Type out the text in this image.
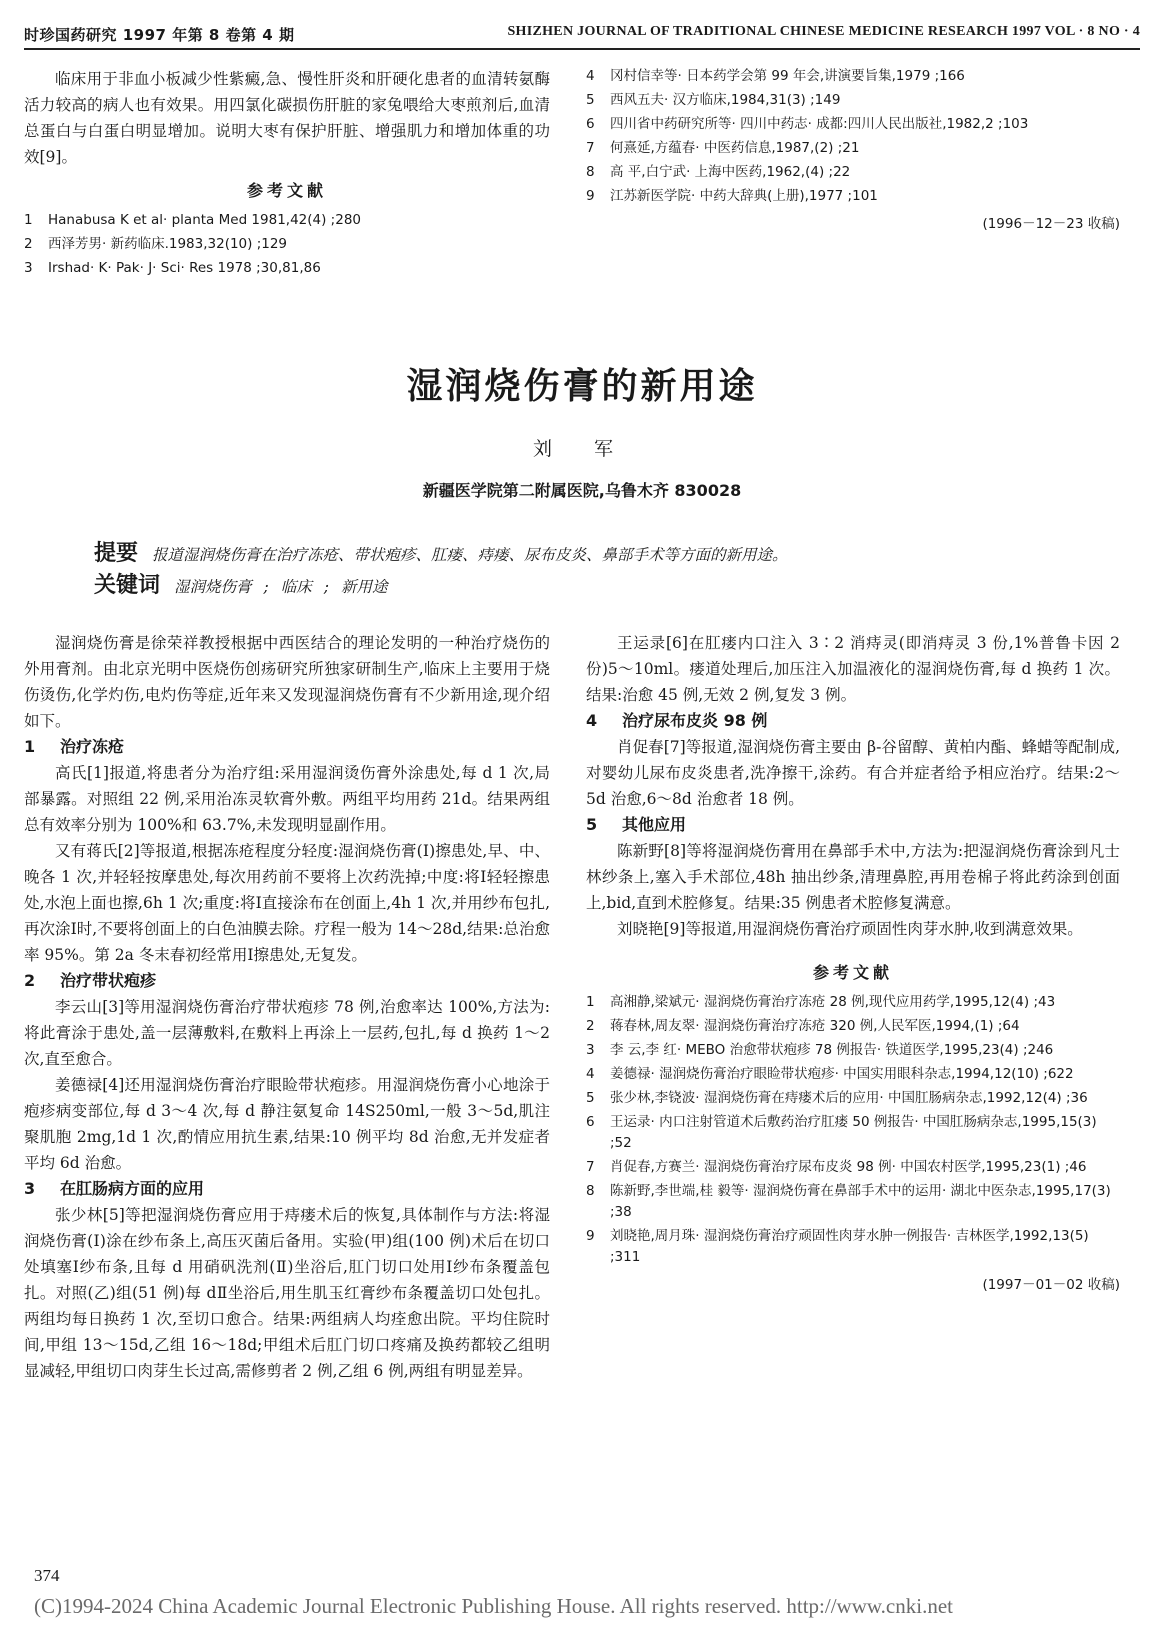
时珍国药研究 1997 年第 8 卷第 4 期	SHIZHEN JOURNAL OF TRADITIONAL CHINESE MEDICINE RESEARCH 1997 VOL · 8 NO · 4

临床用于非血小板减少性紫癜,急、慢性肝炎和肝硬化患者的血清转氨酶活力较高的病人也有效果。用四氯化碳损伤肝脏的家兔喂给大枣煎剂后,血清总蛋白与白蛋白明显增加。说明大枣有保护肝脏、增强肌力和增加体重的功效[9]。

参考文献
1	Hanabusa K et al· planta Med 1981,42(4) ;280
2	西泽芳男· 新药临床.1983,32(10) ;129
3	Irshad· K· Pak· J· Sci· Res 1978 ;30,81,86
4	冈村信幸等· 日本药学会第 99 年会,讲演要旨集,1979 ;166
5	西风五夫· 汉方临床,1984,31(3) ;149
6	四川省中药研究所等· 四川中药志· 成都:四川人民出版社,1982,2 ;103
7	何熹延,方蕴春· 中医药信息,1987,(2) ;21
8	高 平,白宁武· 上海中医药,1962,(4) ;22
9	江苏新医学院· 中药大辞典(上册),1977 ;101
(1996－12－23 收稿)
湿润烧伤膏的新用途
刘 军
新疆医学院第二附属医院,乌鲁木齐 830028
提要 报道湿润烧伤膏在治疗冻疮、带状疱疹、肛瘘、痔瘘、尿布皮炎、鼻部手术等方面的新用途。
关键词 湿润烧伤膏 ; 临床 ; 新用途

湿润烧伤膏是徐荣祥教授根据中西医结合的理论发明的一种治疗烧伤的外用膏剂。由北京光明中医烧伤创疡研究所独家研制生产,临床上主要用于烧伤烫伤,化学灼伤,电灼伤等症,近年来又发现湿润烧伤膏有不少新用途,现介绍如下。

1	治疗冻疮

高氏[1]报道,将患者分为治疗组:采用湿润烫伤膏外涂患处,每 d 1 次,局部暴露。对照组 22 例,采用治冻灵软膏外敷。两组平均用药 21d。结果两组总有效率分别为 100%和 63.7%,未发现明显副作用。

又有蒋氏[2]等报道,根据冻疮程度分轻度:湿润烧伤膏(Ⅰ)擦患处,早、中、晚各 1 次,并轻轻按摩患处,每次用药前不要将上次药洗掉;中度:将Ⅰ轻轻擦患处,水泡上面也擦,6h 1 次;重度:将Ⅰ直接涂布在创面上,4h 1 次,并用纱布包扎,再次涂Ⅰ时,不要将创面上的白色油膜去除。疗程一般为 14～28d,结果:总治愈率 95%。第 2a 冬末春初经常用Ⅰ擦患处,无复发。

2	治疗带状疱疹

李云山[3]等用湿润烧伤膏治疗带状疱疹 78 例,治愈率达 100%,方法为:将此膏涂于患处,盖一层薄敷料,在敷料上再涂上一层药,包扎,每 d 换药 1～2 次,直至愈合。

姜德禄[4]还用湿润烧伤膏治疗眼睑带状疱疹。用湿润烧伤膏小心地涂于疱疹病变部位,每 d 3～4 次,每 d 静注氨复命 14S250ml,一般 3～5d,肌注聚肌胞 2mg,1d 1 次,酌情应用抗生素,结果:10 例平均 8d 治愈,无并发症者平均 6d 治愈。

3	在肛肠病方面的应用

张少林[5]等把湿润烧伤膏应用于痔瘘术后的恢复,具体制作与方法:将湿润烧伤膏(Ⅰ)涂在纱布条上,高压灭菌后备用。实验(甲)组(100 例)术后在切口处填塞Ⅰ纱布条,且每 d 用硝矾洗剂(Ⅱ)坐浴后,肛门切口处用Ⅰ纱布条覆盖包扎。对照(乙)组(51 例)每 dⅡ坐浴后,用生肌玉红膏纱布条覆盖切口处包扎。两组均每日换药 1 次,至切口愈合。结果:两组病人均痊愈出院。平均住院时间,甲组 13～15d,乙组 16～18d;甲组术后肛门切口疼痛及换药都较乙组明显减轻,甲组切口肉芽生长过高,需修剪者 2 例,乙组 6 例,两组有明显差异。

王运录[6]在肛瘘内口注入 3∶2 消痔灵(即消痔灵 3 份,1%普鲁卡因 2 份)5～10ml。瘘道处理后,加压注入加温液化的湿润烧伤膏,每 d 换药 1 次。结果:治愈 45 例,无效 2 例,复发 3 例。

4	治疗尿布皮炎 98 例

肖促春[7]等报道,湿润烧伤膏主要由 β-谷留醇、黄柏内酯、蜂蜡等配制成,对婴幼儿尿布皮炎患者,洗净擦干,涂药。有合并症者给予相应治疗。结果:2～5d 治愈,6～8d 治愈者 18 例。

5	其他应用

陈新野[8]等将湿润烧伤膏用在鼻部手术中,方法为:把湿润烧伤膏涂到凡士林纱条上,塞入手术部位,48h 抽出纱条,清理鼻腔,再用卷棉子将此药涂到创面上,bid,直到术腔修复。结果:35 例患者术腔修复满意。

刘晓艳[9]等报道,用湿润烧伤膏治疗顽固性肉芽水肿,收到满意效果。

参考文献
1	高湘静,梁斌元· 湿润烧伤膏治疗冻疮 28 例,现代应用药学,1995,12(4) ;43
2	蒋春林,周友翠· 湿润烧伤膏治疗冻疮 320 例,人民军医,1994,(1) ;64
3	李 云,李 红· MEBO 治愈带状疱疹 78 例报告· 铁道医学,1995,23(4) ;246
4	姜德禄· 湿润烧伤膏治疗眼睑带状疱疹· 中国实用眼科杂志,1994,12(10) ;622
5	张少林,李铙波· 湿润烧伤膏在痔瘘术后的应用· 中国肛肠病杂志,1992,12(4) ;36
6	王运录· 内口注射管道术后敷药治疗肛瘘 50 例报告· 中国肛肠病杂志,1995,15(3) ;52
7	肖促春,方赛兰· 湿润烧伤膏治疗尿布皮炎 98 例· 中国农村医学,1995,23(1) ;46
8	陈新野,李世端,桂 毅等· 湿润烧伤膏在鼻部手术中的运用· 湖北中医杂志,1995,17(3) ;38
9	刘晓艳,周月珠· 湿润烧伤膏治疗顽固性肉芽水肿一例报告· 吉林医学,1992,13(5) ;311
(1997－01－02 收稿)
374
(C)1994-2024 China Academic Journal Electronic Publishing House. All rights reserved. http://www.cnki.net
